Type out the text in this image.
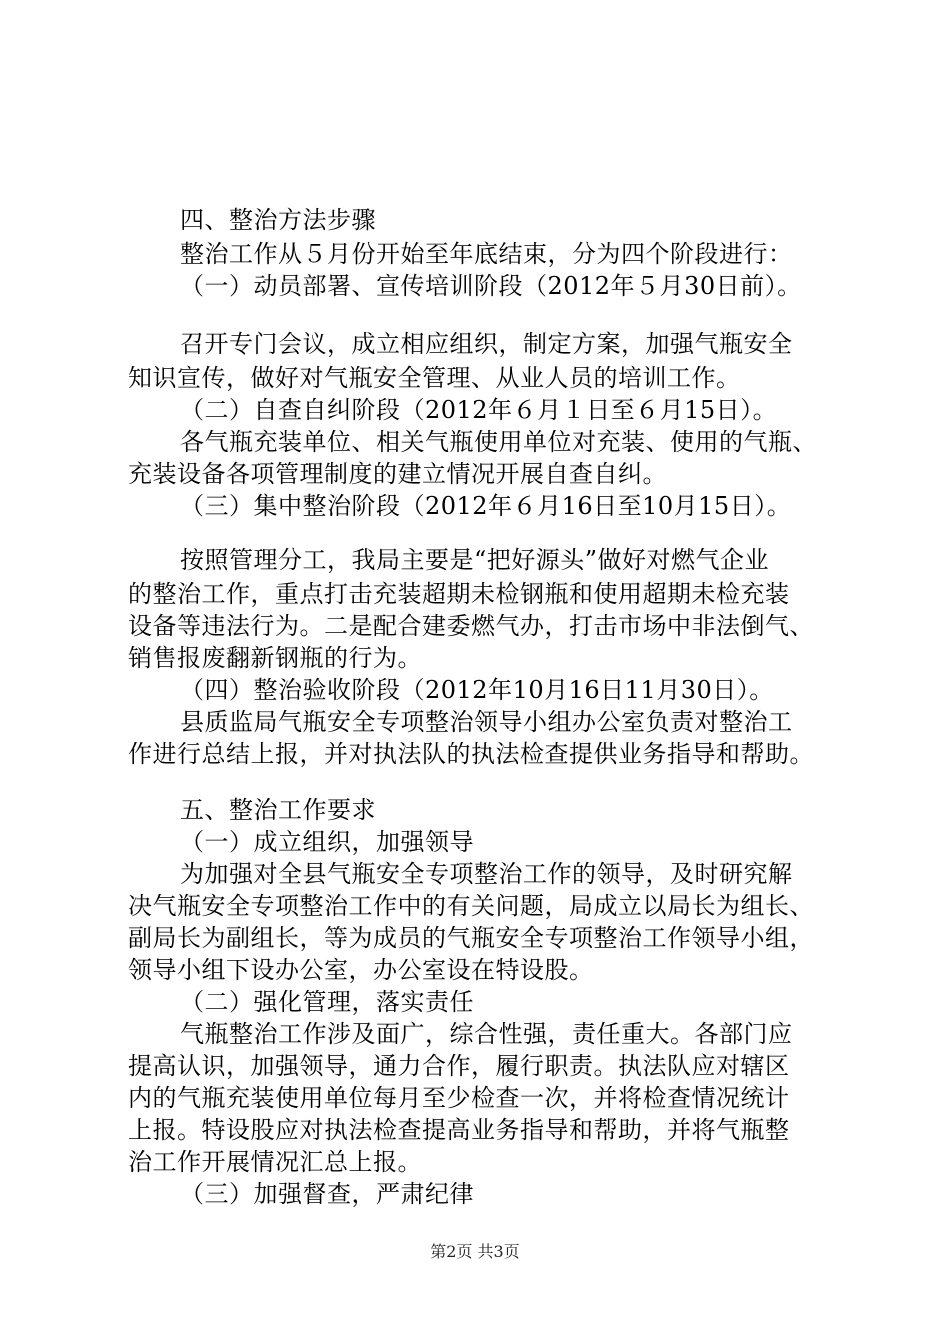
四、整治方法步骤
整治工作从５月份开始至年底结束，分为四个阶段进行：
（一）动员部署、宣传培训阶段（2012年５月30日前）。
召开专门会议，成立相应组织，制定方案，加强气瓶安全
知识宣传，做好对气瓶安全管理、从业人员的培训工作。
（二）自查自纠阶段（2012年６月１日至６月15日）。
各气瓶充装单位、相关气瓶使用单位对充装、使用的气瓶、
充装设备各项管理制度的建立情况开展自查自纠。
（三）集中整治阶段（2012年６月16日至10月15日）。
按照管理分工，我局主要是“把好源头”做好对燃气企业
的整治工作，重点打击充装超期未检钢瓶和使用超期未检充装
设备等违法行为。二是配合建委燃气办，打击市场中非法倒气、
销售报废翻新钢瓶的行为。
（四）整治验收阶段（2012年10月16日11月30日）。
县质监局气瓶安全专项整治领导小组办公室负责对整治工
作进行总结上报，并对执法队的执法检查提供业务指导和帮助。
五、整治工作要求
（一）成立组织，加强领导
为加强对全县气瓶安全专项整治工作的领导，及时研究解
决气瓶安全专项整治工作中的有关问题，局成立以局长为组长、
副局长为副组长，等为成员的气瓶安全专项整治工作领导小组，
领导小组下设办公室，办公室设在特设股。
（二）强化管理，落实责任
气瓶整治工作涉及面广，综合性强，责任重大。各部门应
提高认识，加强领导，通力合作，履行职责。执法队应对辖区
内的气瓶充装使用单位每月至少检查一次，并将检查情况统计
上报。特设股应对执法检查提高业务指导和帮助，并将气瓶整
治工作开展情况汇总上报。
（三）加强督查，严肃纪律
第2页 共3页
